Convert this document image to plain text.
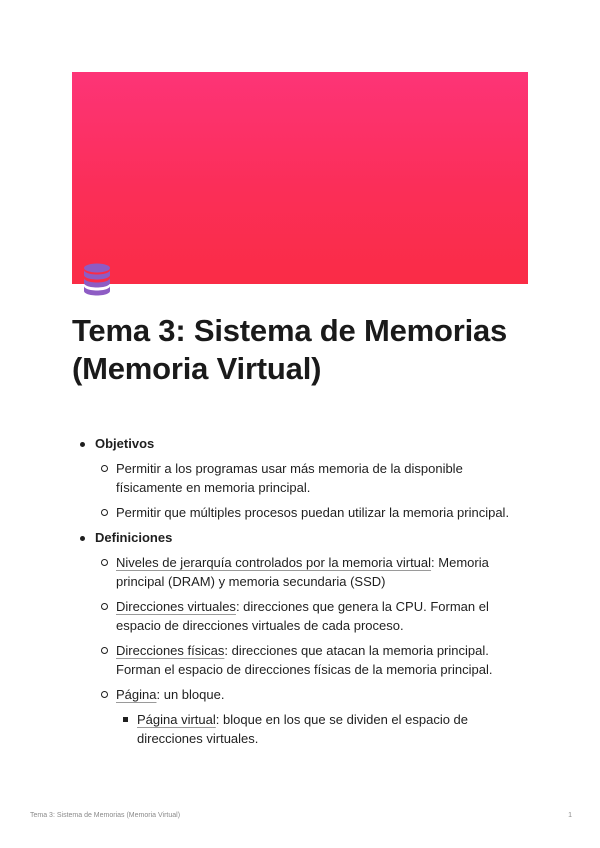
Tema 3: Sistema de Memorias
(Memoria Virtual)
Objetivos
Permitir a los programas usar más memoria de la disponible físicamente en memoria principal.
Permitir que múltiples procesos puedan utilizar la memoria principal.
Definiciones
Niveles de jerarquía controlados por la memoria virtual: Memoria principal (DRAM) y memoria secundaria (SSD)
Direcciones virtuales: direcciones que genera la CPU. Forman el espacio de direcciones virtuales de cada proceso.
Direcciones físicas: direcciones que atacan la memoria principal. Forman el espacio de direcciones físicas de la memoria principal.
Página: un bloque.
Página virtual: bloque en los que se dividen el espacio de direcciones virtuales.
Tema 3: Sistema de Memorias (Memoria Virtual)	1
